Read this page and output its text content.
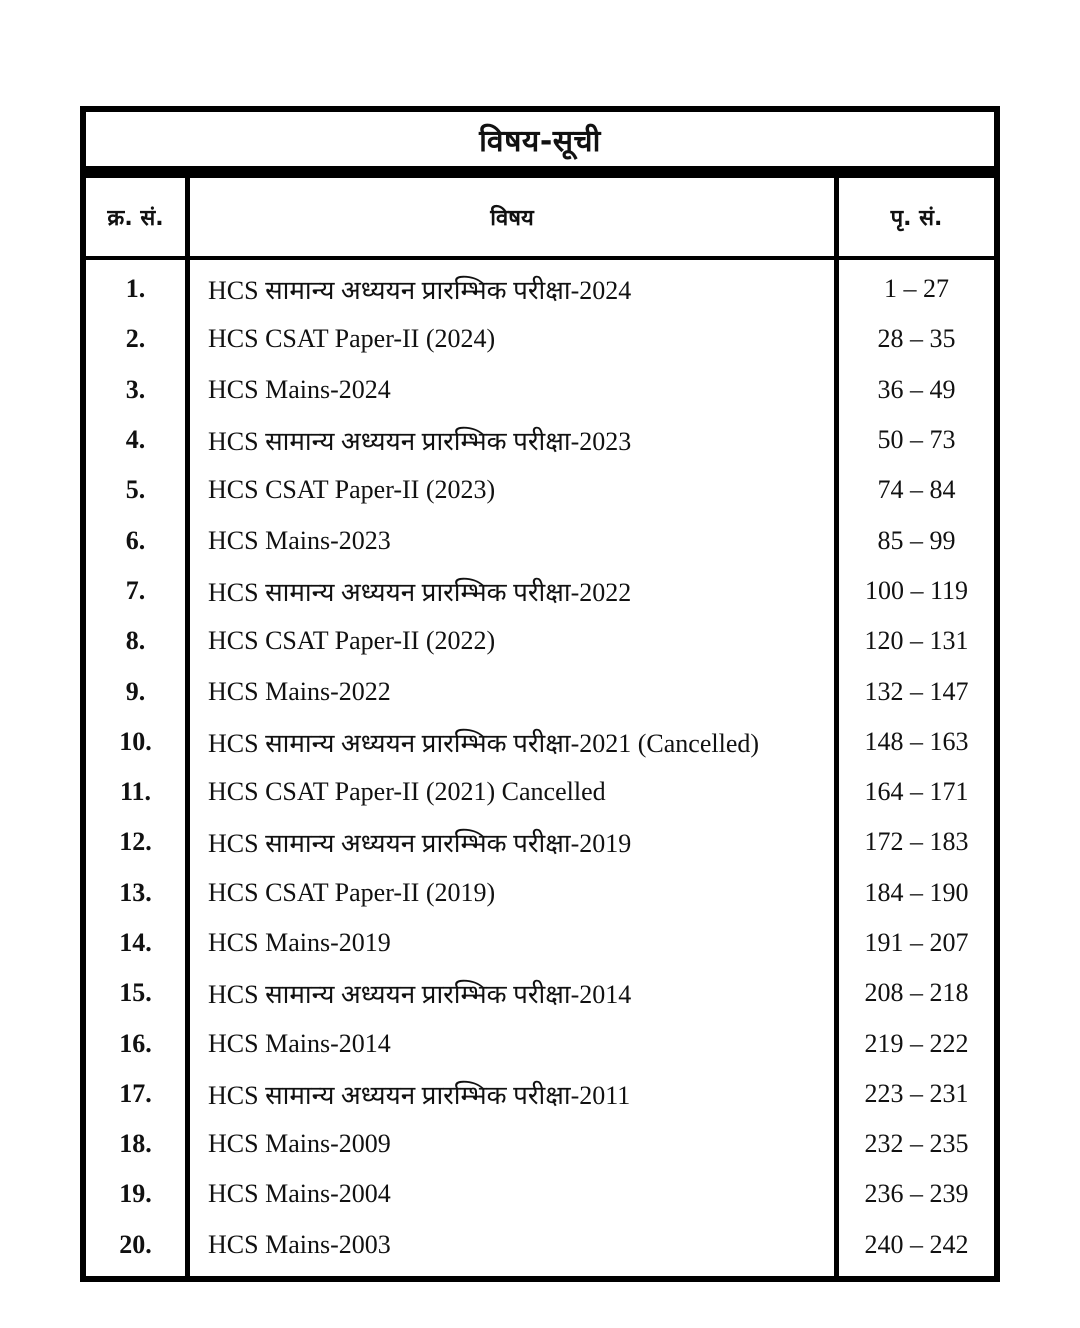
विषय-सूची
क्र. सं.	विषय	पृ. सं.
1.	HCS सामान्य अध्ययन प्रारम्भिक परीक्षा-2024	1 – 27
2.	HCS CSAT Paper-II (2024)	28 – 35
3.	HCS Mains-2024	36 – 49
4.	HCS सामान्य अध्ययन प्रारम्भिक परीक्षा-2023	50 – 73
5.	HCS CSAT Paper-II (2023)	74 – 84
6.	HCS Mains-2023	85 – 99
7.	HCS सामान्य अध्ययन प्रारम्भिक परीक्षा-2022	100 – 119
8.	HCS CSAT Paper-II (2022)	120 – 131
9.	HCS Mains-2022	132 – 147
10.	HCS सामान्य अध्ययन प्रारम्भिक परीक्षा-2021 (Cancelled)	148 – 163
11.	HCS CSAT Paper-II (2021) Cancelled	164 – 171
12.	HCS सामान्य अध्ययन प्रारम्भिक परीक्षा-2019	172 – 183
13.	HCS CSAT Paper-II (2019)	184 – 190
14.	HCS Mains-2019	191 – 207
15.	HCS सामान्य अध्ययन प्रारम्भिक परीक्षा-2014	208 – 218
16.	HCS Mains-2014	219 – 222
17.	HCS सामान्य अध्ययन प्रारम्भिक परीक्षा-2011	223 – 231
18.	HCS Mains-2009	232 – 235
19.	HCS Mains-2004	236 – 239
20.	HCS Mains-2003	240 – 242
